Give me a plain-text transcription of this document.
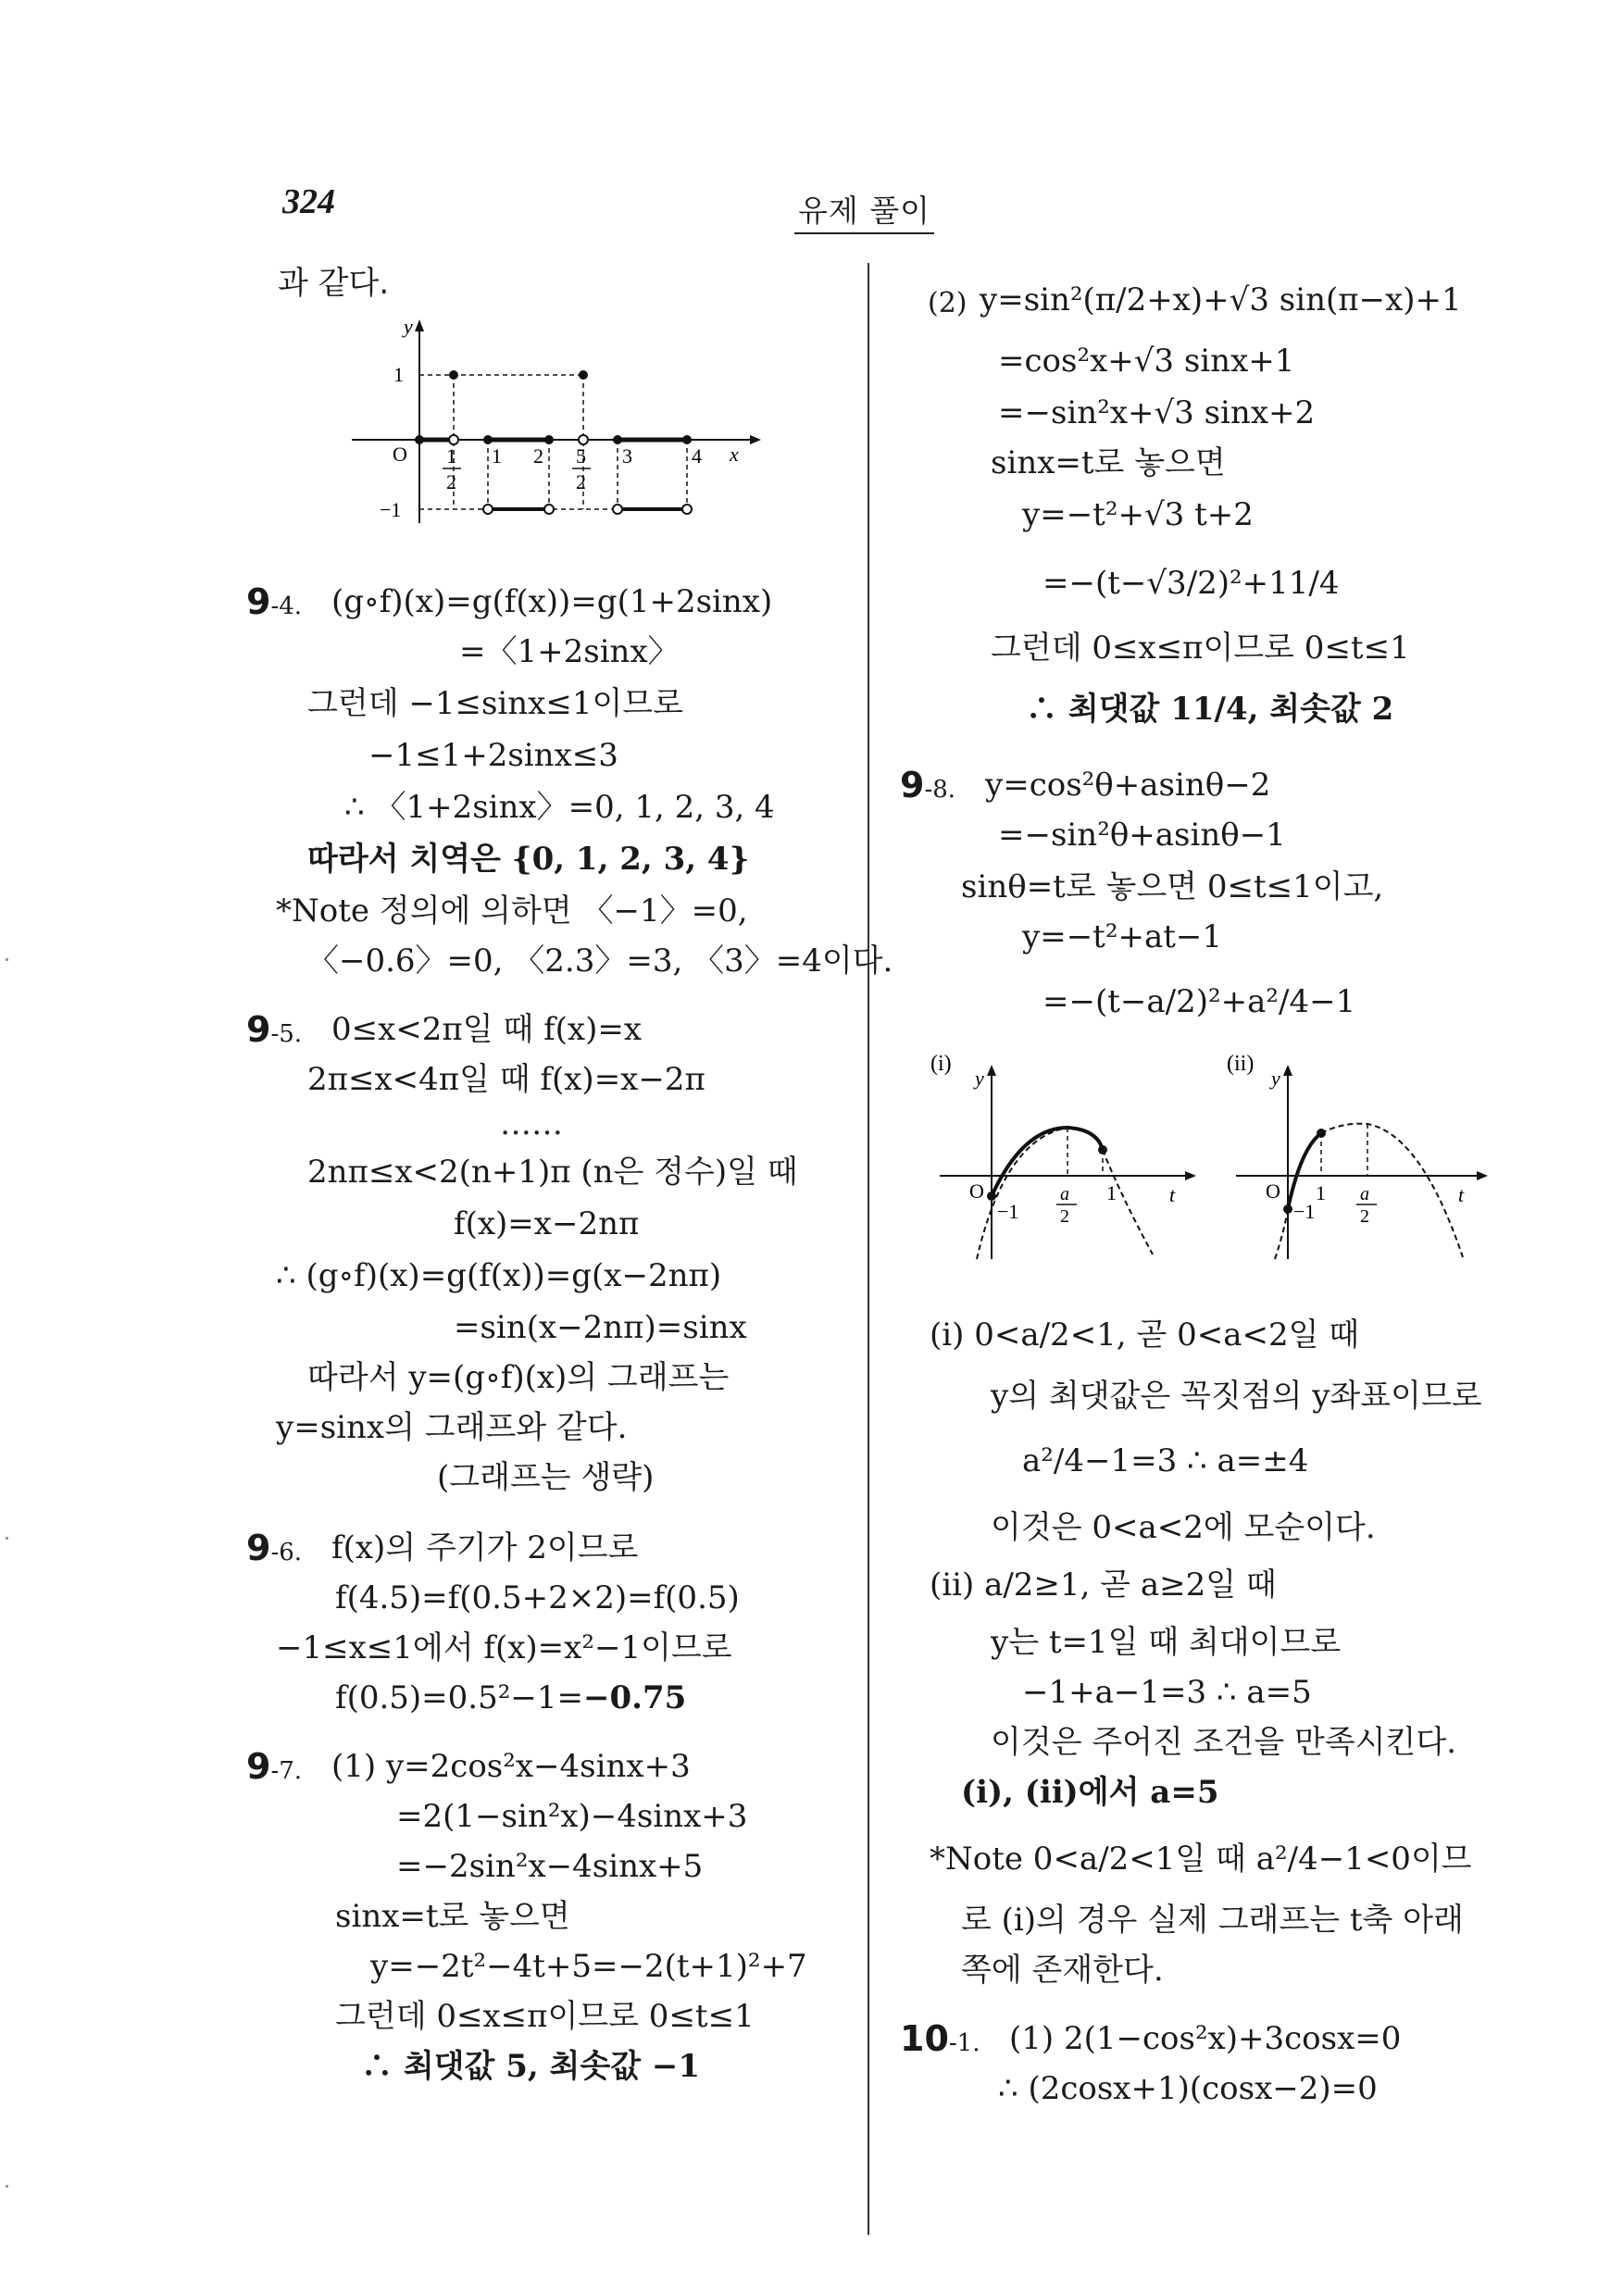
324	유제 풀이
과 같다.
y
x
O
1
−1
1
2
1 2 5
2
3	4
9-4. (g∘f)(x)=g(f(x))=g(1+2sinx)
=〈1+2sinx〉
그런데 −1≤sinx≤1이므로
−1≤1+2sinx≤3
∴ 〈1+2sinx〉=0, 1, 2, 3, 4
따라서 치역은 {0, 1, 2, 3, 4}
*Note 정의에 의하면 〈−1〉=0,
〈−0.6〉=0, 〈2.3〉=3, 〈3〉=4이다.
9-5. 0≤x<2π일 때 f(x)=x
2π≤x<4π일 때 f(x)=x−2π
……
2nπ≤x<2(n+1)π (n은 정수)일 때
f(x)=x−2nπ
∴ (g∘f)(x)=g(f(x))=g(x−2nπ)
=sin(x−2nπ)=sinx
따라서 y=(g∘f)(x)의 그래프는
y=sinx의 그래프와 같다.
(그래프는 생략)
9-6. f(x)의 주기가 2이므로
f(4.5)=f(0.5+2×2)=f(0.5)
−1≤x≤1에서 f(x)=x²−1이므로
f(0.5)=0.5²−1=−0.75
9-7. (1) y=2cos²x−4sinx+3
=2(1−sin²x)−4sinx+3
=−2sin²x−4sinx+5
sinx=t로 놓으면
y=−2t²−4t+5=−2(t+1)²+7
그런데 0≤x≤π이므로 0≤t≤1
∴ 최댓값 5, 최솟값 −1
(2) y=sin²(π/2+x)+√3 sin(π−x)+1
=cos²x+√3 sinx+1
=−sin²x+√3 sinx+2
sinx=t로 놓으면
y=−t²+√3 t+2
=−(t−√3/2)²+11/4
그런데 0≤x≤π이므로 0≤t≤1
∴ 최댓값 11/4, 최솟값 2
9-8. y=cos²θ+asinθ−2
=−sin²θ+asinθ−1
sinθ=t로 놓으면 0≤t≤1이고,
y=−t²+at−1
=−(t−a/2)²+a²/4−1
(i)
y
t
O
−1
a
2
1
(ii)
y
t
O
−1
1 a
2
(i) 0<a/2<1, 곧 0<a<2일 때
y의 최댓값은 꼭짓점의 y좌표이므로
a²/4−1=3 ∴ a=±4
이것은 0<a<2에 모순이다.
(ii) a/2≥1, 곧 a≥2일 때
y는 t=1일 때 최대이므로
−1+a−1=3 ∴ a=5
이것은 주어진 조건을 만족시킨다.
(i), (ii)에서 a=5
*Note 0<a/2<1일 때 a²/4−1<0이므
로 (i)의 경우 실제 그래프는 t축 아래
쪽에 존재한다.
10-1. (1) 2(1−cos²x)+3cosx=0
∴ (2cosx+1)(cosx−2)=0
